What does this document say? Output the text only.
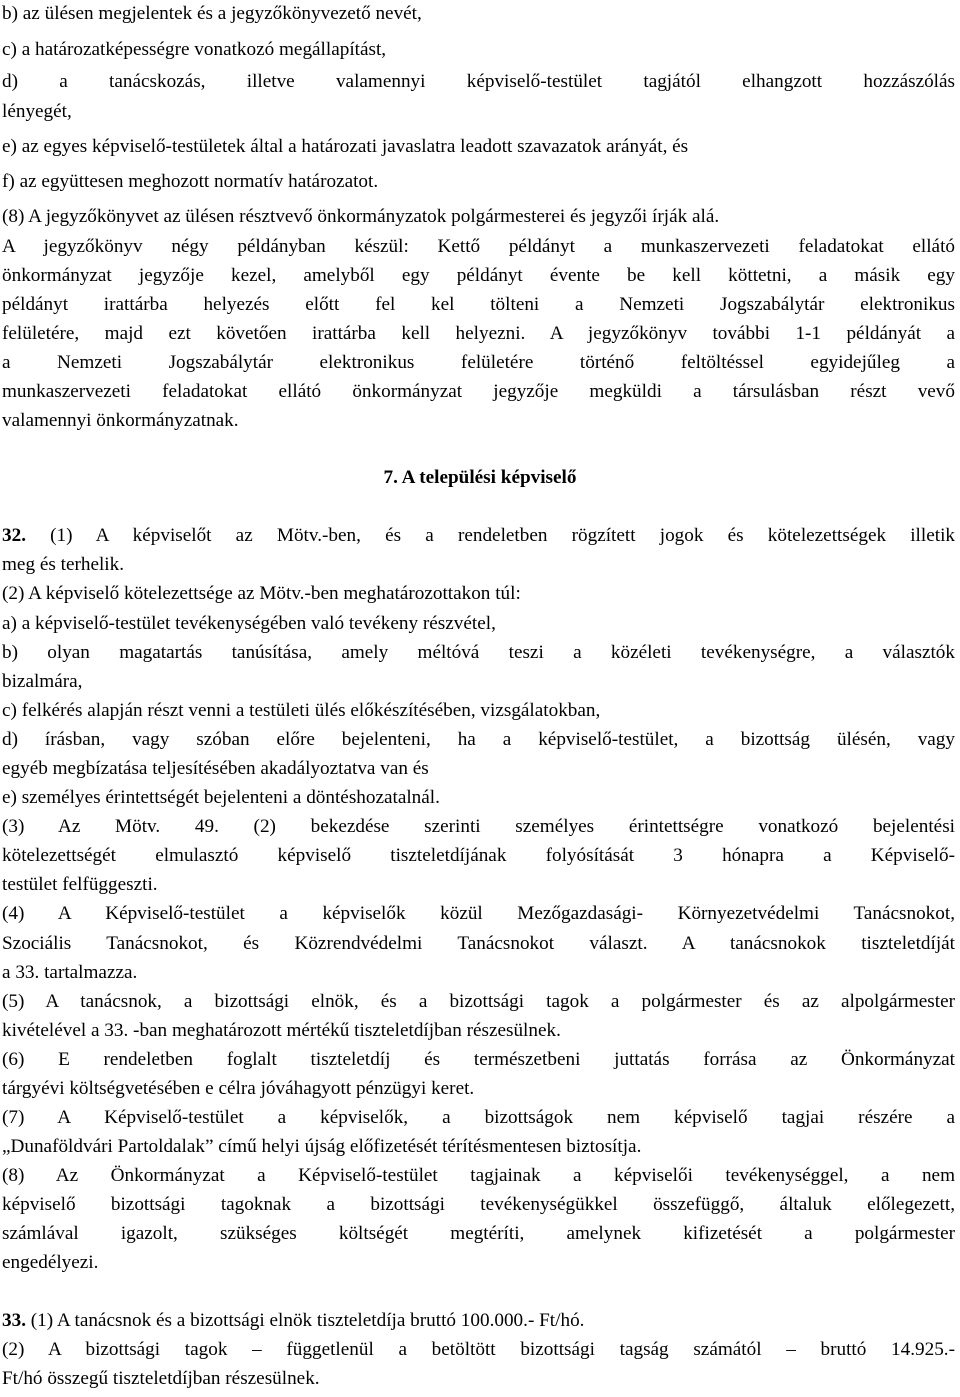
b) az ülésen megjelentek és a jegyzőkönyvezető nevét,
c) a határozatképességre vonatkozó megállapítást,
d) a tanácskozás, illetve valamennyi képviselő-testület tagjától elhangzott hozzászólás
lényegét,
e) az egyes képviselő-testületek által a határozati javaslatra leadott szavazatok arányát, és
f) az együttesen meghozott normatív határozatot.
(8) A jegyzőkönyvet az ülésen résztvevő önkormányzatok polgármesterei és jegyzői írják alá.
A jegyzőkönyv négy példányban készül: Kettő példányt a munkaszervezeti feladatokat ellátó
önkormányzat jegyzője kezel, amelyből egy példányt évente be kell köttetni, a másik egy
példányt irattárba helyezés előtt fel kel tölteni a Nemzeti Jogszabálytár elektronikus
felületére, majd ezt követően irattárba kell helyezni. A jegyzőkönyv további 1-1 példányát a
a Nemzeti Jogszabálytár elektronikus felületére történő feltöltéssel egyidejűleg a
munkaszervezeti feladatokat ellátó önkormányzat jegyzője megküldi a társulásban részt vevő
valamennyi önkormányzatnak.
7. A települési képviselő
32. (1) A képviselőt az Mötv.-ben, és a rendeletben rögzített jogok és kötelezettségek illetik
meg és terhelik.
(2) A képviselő kötelezettsége az Mötv.-ben meghatározottakon túl:
a) a képviselő-testület tevékenységében való tevékeny részvétel,
b) olyan magatartás tanúsítása, amely méltóvá teszi a közéleti tevékenységre, a választók
bizalmára,
c) felkérés alapján részt venni a testületi ülés előkészítésében, vizsgálatokban,
d) írásban, vagy szóban előre bejelenteni, ha a képviselő-testület, a bizottság ülésén, vagy
egyéb megbízatása teljesítésében akadályoztatva van és
e) személyes érintettségét bejelenteni a döntéshozatalnál.
(3) Az Mötv. 49. (2) bekezdése szerinti személyes érintettségre vonatkozó bejelentési
kötelezettségét elmulasztó képviselő tiszteletdíjának folyósítását 3 hónapra a Képviselő-
testület felfüggeszti.
(4) A Képviselő-testület a képviselők közül Mezőgazdasági- Környezetvédelmi Tanácsnokot,
Szociális Tanácsnokot, és Közrendvédelmi Tanácsnokot választ. A tanácsnokok tiszteletdíját
a 33. tartalmazza.
(5) A tanácsnok, a bizottsági elnök, és a bizottsági tagok a polgármester és az alpolgármester
kivételével a 33. -ban meghatározott mértékű tiszteletdíjban részesülnek.
(6) E rendeletben foglalt tiszteletdíj és természetbeni juttatás forrása az Önkormányzat
tárgyévi költségvetésében e célra jóváhagyott pénzügyi keret.
(7) A Képviselő-testület a képviselők, a bizottságok nem képviselő tagjai részére a
„Dunaföldvári Partoldalak” című helyi újság előfizetését térítésmentesen biztosítja.
(8) Az Önkormányzat a Képviselő-testület tagjainak a képviselői tevékenységgel, a nem
képviselő bizottsági tagoknak a bizottsági tevékenységükkel összefüggő, általuk előlegezett,
számlával igazolt, szükséges költségét megtéríti, amelynek kifizetését a polgármester
engedélyezi.
33. (1) A tanácsnok és a bizottsági elnök tiszteletdíja bruttó 100.000.- Ft/hó.
(2) A bizottsági tagok – függetlenül a betöltött bizottsági tagság számától – bruttó 14.925.-
Ft/hó összegű tiszteletdíjban részesülnek.
